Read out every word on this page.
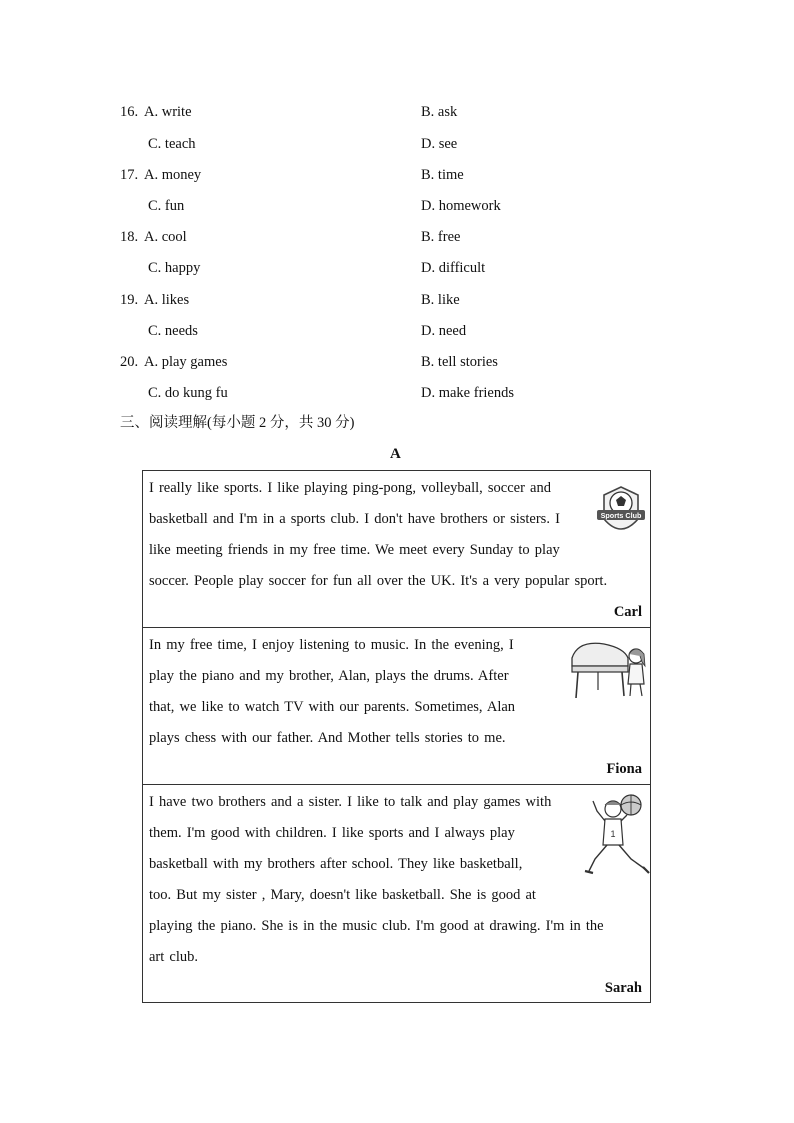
16. A. write	B. ask
C. teach	D. see
17. A. money	B. time
C. fun	D. homework
18. A. cool	B. free
C. happy	D. difficult
19. A. likes	B. like
C. needs	D. need
20. A. play games	B. tell stories
C. do kung fu	D. make friends
三、阅读理解(每小题 2 分，共 30 分)
A
I really like sports. I like playing ping-pong, volleyball, soccer and
basketball and I'm in a sports club. I don't have brothers or sisters. I
like meeting friends in my free time. We meet every Sunday to play
soccer. People play soccer for fun all over the UK. It's a very popular sport.
Carl
Sports Club
In my free time, I enjoy listening to music. In the evening, I
play the piano and my brother, Alan, plays the drums. After
that, we like to watch TV with our parents. Sometimes, Alan
plays chess with our father. And Mother tells stories to me.
Fiona
I have two brothers and a sister. I like to talk and play games with
them. I'm good with children. I like sports and I always play
basketball with my brothers after school. They like basketball,
too. But my sister , Mary, doesn't like basketball. She is good at
playing the piano. She is in the music club. I'm good at drawing. I'm in the
art club.
Sarah
1
